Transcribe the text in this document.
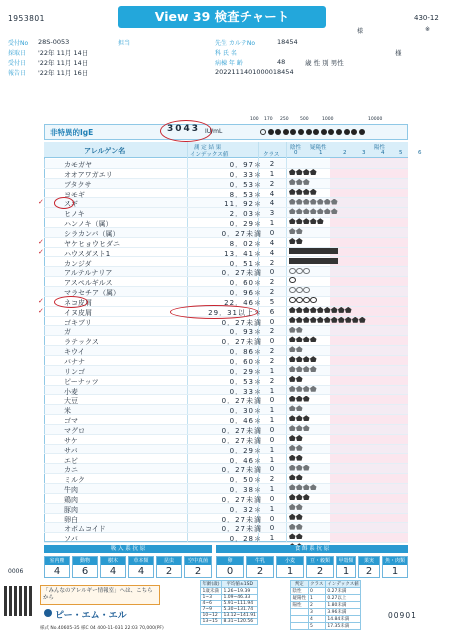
1953801	View 39 検査チャート	430-12
様	※
受付No	28S-0053	担当
採取日	'22年 11月 14日
受付日	'22年 11月 14日
報告日	'22年 11月 16日
先生 カルテNo	18454
科 氏 名
病棟 年 齢	48	歳 性 別 男性
2022111401000018454
様
非特異的IgE	3043 IU/mL
100 170 250	500	1000	10000
アレルゲン名	測 定 結 果
インデックス値	クラス
陰性 疑陽性	陽性
0	1	2	3	4	5	6
カモガヤ	0．97＊	2
オオアワガエリ	0．33＊	1
ブタクサ	0．53＊	2
ヨモギ	8．53＊	4
スギ	11．92＊	4
✓
ヒノキ	2．03＊	3
ハンノキ（属）	0．29＊	1
シラカンバ（属）	0．27未満	0
ヤケヒョウヒダニ	8．02＊	4
✓
ハウスダスト1	13．41＊	4
✓
カンジダ	0．51＊	2
アルテルナリア	0．27未満	0
アスペルギルス	0．60＊	2
マラセチア（属）	0．96＊	2
ネコ皮屑	22．46＊	5
✓
イヌ皮屑	29．31以上＊	6
✓
ゴキブリ	0．27未満	0
ガ	0．93＊	2
ラテックス	0．27未満	0
キウイ	0．86＊	2
バナナ	0．60＊	2
リンゴ	0．29＊	1
ピーナッツ	0．53＊	2
小麦	0．33＊	1
大豆	0．27未満	0
米	0．30＊	1
ゴマ	0．46＊	1
マグロ	0．27未満	0
サケ	0．27未満	0
サバ	0．29＊	1
エビ	0．46＊	1
カニ	0．27未満	0
ミルク	0．50＊	2
牛肉	0．38＊	1
鶏肉	0．27未満	0
豚肉	0．32＊	1
卵白	0．27未満	0
オボムコイド	0．27未満	0
ソバ	0．28＊	1
吸 入 系 抗 原	食 餌 系 抗 原
室内塵
4
動物
6
樹木
4
草本類
4
昆虫
2
空中真菌
2
卵
0
牛乳
2
小麦
1
豆・穀類
2
甲殻類
1
果実
2
魚・肉類
1
0006
「みんなのアレルギー情報室」へは、こちらから
ピー・エム・エル
様式 No.40605-35 様C 04 400-11-031 22:03 70,000(PF)
00901
年齢(歳)	平均値±1SD
1歳未満	1.26~19.39
1~3	1.09~46.33
4~6	5.91~111.94
7~9	5.30~131.74
10~12	13.12~141.91
13~15	8.31~120.56
判定	クラス	インデックス値
陰性	0	0.27未満
疑陽性	1	0.27以上
陽性	2	1.80未満
	3	3.96未満
	4	14.84未満
	5	17.35未満
